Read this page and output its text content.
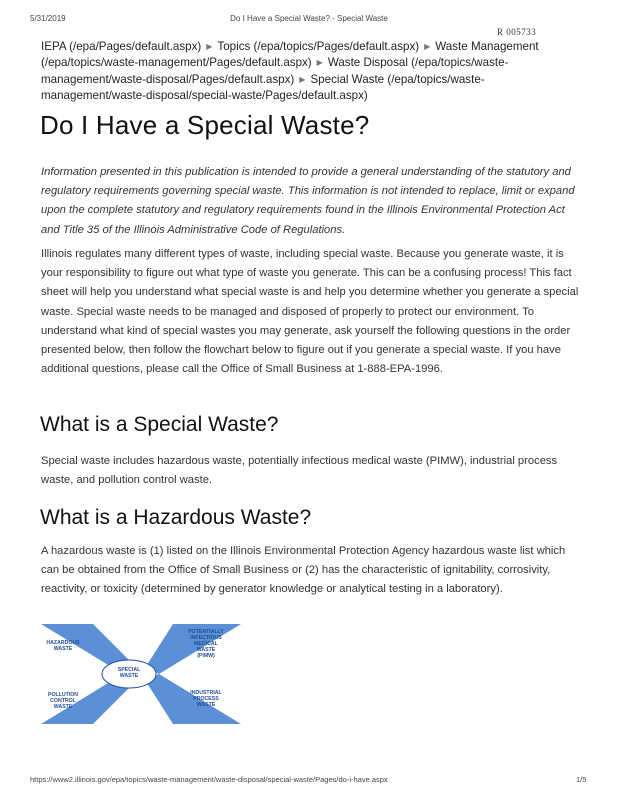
5/31/2019	Do I Have a Special Waste? - Special Waste
R 005733
IEPA (/epa/Pages/default.aspx) ▶ Topics (/epa/topics/Pages/default.aspx) ▶ Waste Management (/epa/topics/waste-management/Pages/default.aspx) ▶ Waste Disposal (/epa/topics/waste-management/waste-disposal/Pages/default.aspx) ▶ Special Waste (/epa/topics/waste-management/waste-disposal/special-waste/Pages/default.aspx)
Do I Have a Special Waste?

Information presented in this publication is intended to provide a general understanding of the statutory and regulatory requirements governing special waste. This information is not intended to replace, limit or expand upon the complete statutory and regulatory requirements found in the Illinois Environmental Protection Act and Title 35 of the Illinois Administrative Code of Regulations.

Illinois regulates many different types of waste, including special waste. Because you generate waste, it is your responsibility to figure out what type of waste you generate. This can be a confusing process! This fact sheet will help you understand what special waste is and help you determine whether you generate a special waste. Special waste needs to be managed and disposed of properly to protect our environment. To understand what kind of special wastes you may generate, ask yourself the following questions in the order presented below, then follow the flowchart below to figure out if you generate a special waste. If you have additional questions, please call the Office of Small Business at 1-888-EPA-1996.

What is a Special Waste?

Special waste includes hazardous waste, potentially infectious medical waste (PIMW), industrial process waste, and pollution control waste.

What is a Hazardous Waste?

A hazardous waste is (1) listed on the Illinois Environmental Protection Agency hazardous waste list which can be obtained from the Office of Small Business or (2) has the characteristic of ignitability, corrosivity, reactivity, or toxicity (determined by generator knowledge or analytical testing in a laboratory).

SPECIAL WASTE
HAZARDOUS WASTE
POTENTIALLY INFECTIOUS MEDICAL WASTE (PIMW)
POLLUTION CONTROL WASTE
INDUSTRIAL PROCESS WASTE
https://www2.illinois.gov/epa/topics/waste-management/waste-disposal/special-waste/Pages/do-i-have.aspx	1/5
